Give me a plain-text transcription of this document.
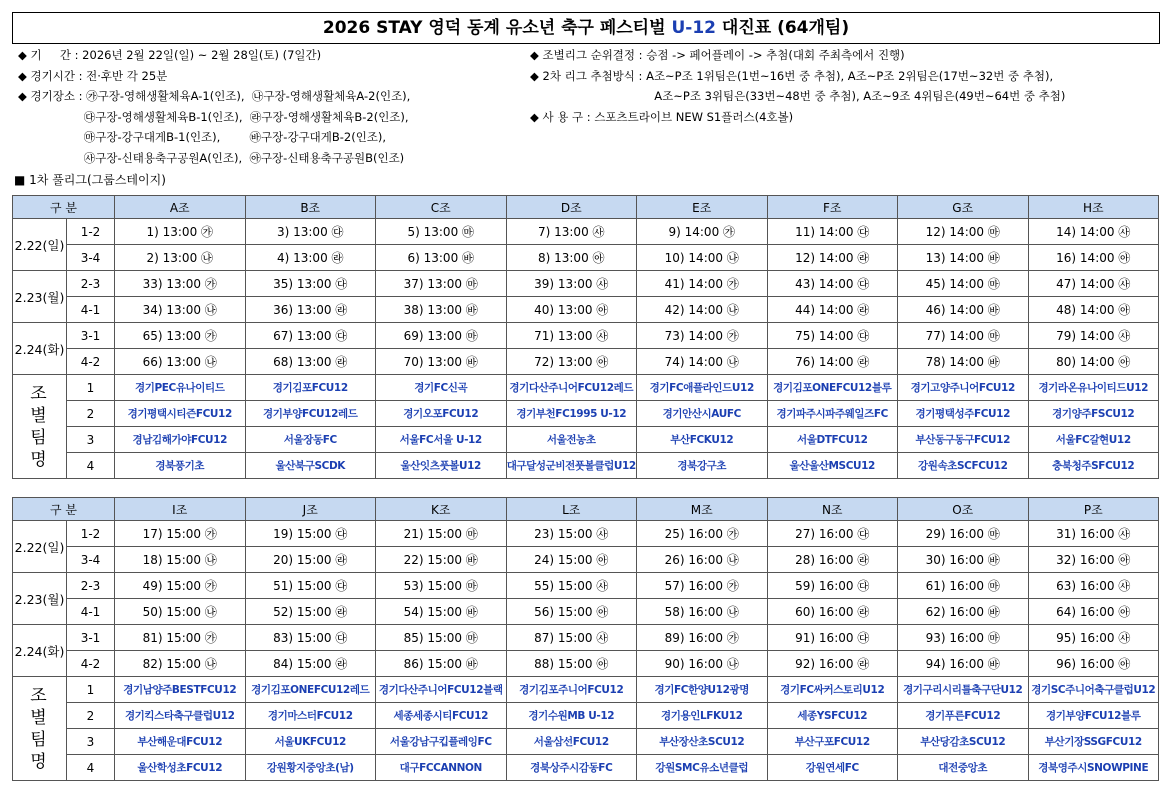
2026 STAY 영덕 동계 유소년 축구 페스티벌 U-12 대진표 (64개팀)
◆ 기     간 : 2026년 2월 22일(일) ~ 2월 28일(토) (7일간)
◆ 경기시간 : 전·후반 각 25분
◆ 경기장소 : ㉮구장-영해생활체육A-1(인조),  ㉯구장-영해생활체육A-2(인조),
㉰구장-영해생활체육B-1(인조),  ㉱구장-영해생활체육B-2(인조),
㉲구장-강구대게B-1(인조),        ㉳구장-강구대게B-2(인조),
㉴구장-신태용축구공원A(인조),  ㉵구장-신태용축구공원B(인조)
◆ 조별리그 순위결정 : 승점 -> 페어플레이 -> 추첨(대회 주최측에서 진행)
◆ 2차 리그 추첨방식 : A조~P조 1위팀은(1번~16번 중 추첨), A조~P조 2위팀은(17번~32번 중 추첨),
A조~P조 3위팀은(33번~48번 중 추첨), A조~9조 4위팀은(49번~64번 중 추첨)
◆ 사 용 구 : 스포츠트라이브 NEW S1플러스(4호볼)
■ 1차 풀리그(그룹스테이지)
구 분		A조	B조	C조	D조	E조	F조	G조	H조
2.22(일)	1-2	1) 13:00 ㉮	3) 13:00 ㉰	5) 13:00 ㉲	7) 13:00 ㉴	9) 14:00 ㉮	11) 14:00 ㉰	12) 14:00 ㉲	14) 14:00 ㉴
	3-4	2) 13:00 ㉯	4) 13:00 ㉱	6) 13:00 ㉳	8) 13:00 ㉵	10) 14:00 ㉯	12) 14:00 ㉱	13) 14:00 ㉳	16) 14:00 ㉵
2.23(월)	2-3	33) 13:00 ㉮	35) 13:00 ㉰	37) 13:00 ㉲	39) 13:00 ㉴	41) 14:00 ㉮	43) 14:00 ㉰	45) 14:00 ㉲	47) 14:00 ㉴
	4-1	34) 13:00 ㉯	36) 13:00 ㉱	38) 13:00 ㉳	40) 13:00 ㉵	42) 14:00 ㉯	44) 14:00 ㉱	46) 14:00 ㉳	48) 14:00 ㉵
2.24(화)	3-1	65) 13:00 ㉮	67) 13:00 ㉰	69) 13:00 ㉲	71) 13:00 ㉴	73) 14:00 ㉮	75) 14:00 ㉰	77) 14:00 ㉲	79) 14:00 ㉴
	4-2	66) 13:00 ㉯	68) 13:00 ㉱	70) 13:00 ㉳	72) 13:00 ㉵	74) 14:00 ㉯	76) 14:00 ㉱	78) 14:00 ㉳	80) 14:00 ㉵

조
별
팀
명	1	경기PEC유나이티드	경기김포FCU12	경기FC신곡	경기다산주니어FCU12레드	경기FC애플라인드U12	경기김포ONEFCU12블루	경기고양주니어FCU12	경기라온유나이티드U12
	2	경기평택시티즌FCU12	경기부양FCU12레드	경기오포FCU12	경기부천FC1995 U-12	경기안산시AUFC	경기파주시파주웨일즈FC	경기평택성주FCU12	경기양주FSCU12
	3	경남김해가야FCU12	서울장동FC	서울FC서울 U-12	서울전농초	부산FCKU12	서울DTFCU12	부산동구동구FCU12	서울FC갈현U12
	4	경북풍기초	울산북구SCDK	울산잇츠풋볼U12	대구달성군비전풋볼클럽U12	경북강구초	울산울산MSCU12	강원속초SCFCU12	충북청주SFCU12
구 분		I조	J조	K조	L조	M조	N조	O조	P조
2.22(일)	1-2	17) 15:00 ㉮	19) 15:00 ㉰	21) 15:00 ㉲	23) 15:00 ㉴	25) 16:00 ㉮	27) 16:00 ㉰	29) 16:00 ㉲	31) 16:00 ㉴
	3-4	18) 15:00 ㉯	20) 15:00 ㉱	22) 15:00 ㉳	24) 15:00 ㉵	26) 16:00 ㉯	28) 16:00 ㉱	30) 16:00 ㉳	32) 16:00 ㉵
2.23(월)	2-3	49) 15:00 ㉮	51) 15:00 ㉰	53) 15:00 ㉲	55) 15:00 ㉴	57) 16:00 ㉮	59) 16:00 ㉰	61) 16:00 ㉲	63) 16:00 ㉴
	4-1	50) 15:00 ㉯	52) 15:00 ㉱	54) 15:00 ㉳	56) 15:00 ㉵	58) 16:00 ㉯	60) 16:00 ㉱	62) 16:00 ㉳	64) 16:00 ㉵
2.24(화)	3-1	81) 15:00 ㉮	83) 15:00 ㉰	85) 15:00 ㉲	87) 15:00 ㉴	89) 16:00 ㉮	91) 16:00 ㉰	93) 16:00 ㉲	95) 16:00 ㉴
	4-2	82) 15:00 ㉯	84) 15:00 ㉱	86) 15:00 ㉳	88) 15:00 ㉵	90) 16:00 ㉯	92) 16:00 ㉱	94) 16:00 ㉳	96) 16:00 ㉵

조
별
팀
명	1	경기남양주BESTFCU12	경기김포ONEFCU12레드	경기다산주니어FCU12블랙	경기김포주니어FCU12	경기FC한양U12광명	경기FC싸커스토리U12	경기구리시리틀축구단U12	경기SC주니어축구클럽U12
	2	경기킥스타축구클럽U12	경기마스터FCU12	세종세종시티FCU12	경기수원MB U-12	경기용인LFKU12	세종YSFCU12	경기푸른FCU12	경기부양FCU12블루
	3	부산해운대FCU12	서울UKFCU12	서울강남구킵플레잉FC	서울삼선FCU12	부산장산초SCU12	부산구포FCU12	부산당감초SCU12	부산기장SSGFCU12
	4	울산학성초FCU12	강원황지중앙초(남)	대구FCCANNON	경북상주시감동FC	강원SMC유소년클럽	강원연세FC	대전중앙초	경북영주시SNOWPINE
